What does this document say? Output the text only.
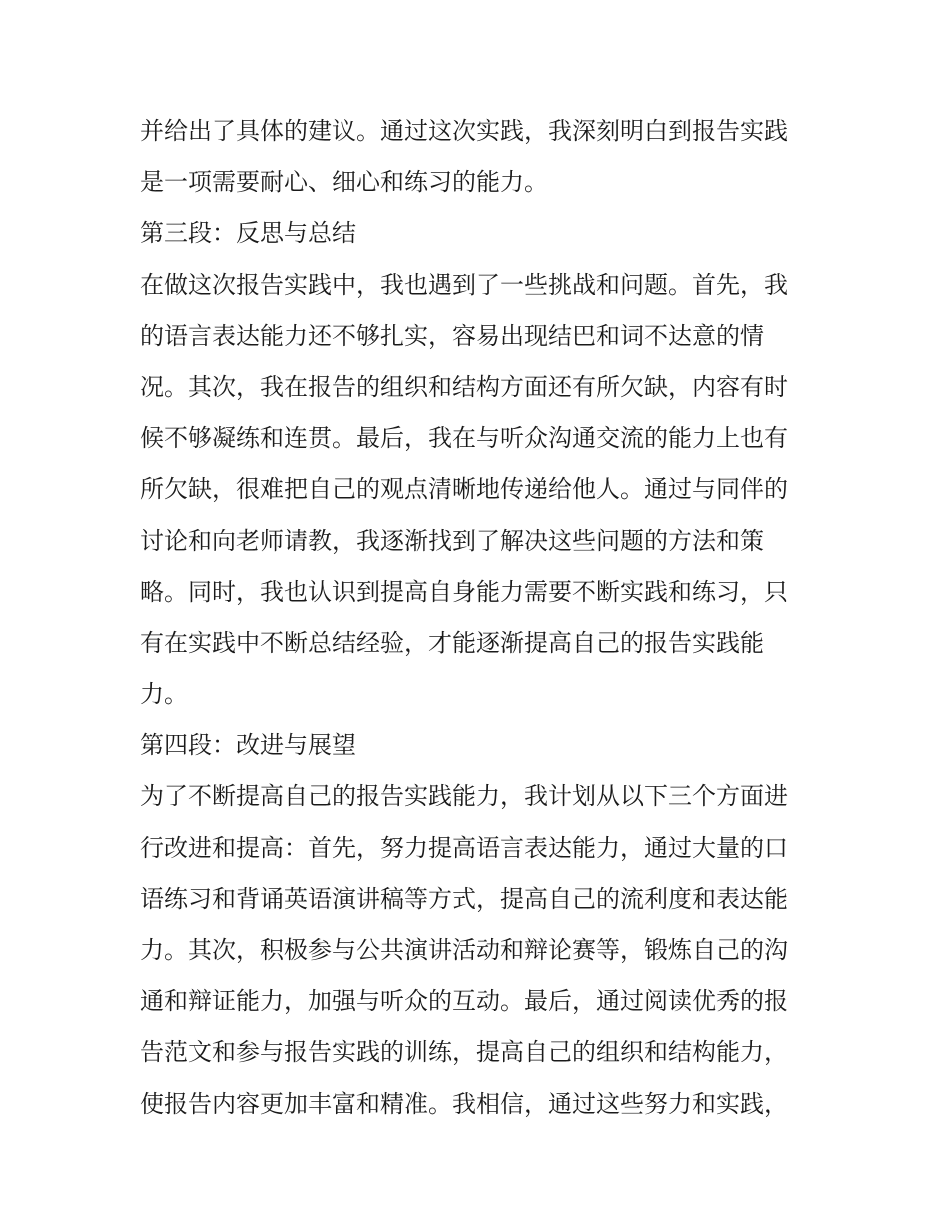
并给出了具体的建议。通过这次实践，我深刻明白到报告实践
是一项需要耐心、细心和练习的能力。
第三段：反思与总结
在做这次报告实践中，我也遇到了一些挑战和问题。首先，我
的语言表达能力还不够扎实，容易出现结巴和词不达意的情
况。其次，我在报告的组织和结构方面还有所欠缺，内容有时
候不够凝练和连贯。最后，我在与听众沟通交流的能力上也有
所欠缺，很难把自己的观点清晰地传递给他人。通过与同伴的
讨论和向老师请教，我逐渐找到了解决这些问题的方法和策
略。同时，我也认识到提高自身能力需要不断实践和练习，只
有在实践中不断总结经验，才能逐渐提高自己的报告实践能
力。
第四段：改进与展望
为了不断提高自己的报告实践能力，我计划从以下三个方面进
行改进和提高：首先，努力提高语言表达能力，通过大量的口
语练习和背诵英语演讲稿等方式，提高自己的流利度和表达能
力。其次，积极参与公共演讲活动和辩论赛等，锻炼自己的沟
通和辩证能力，加强与听众的互动。最后，通过阅读优秀的报
告范文和参与报告实践的训练，提高自己的组织和结构能力，
使报告内容更加丰富和精准。我相信，通过这些努力和实践，
